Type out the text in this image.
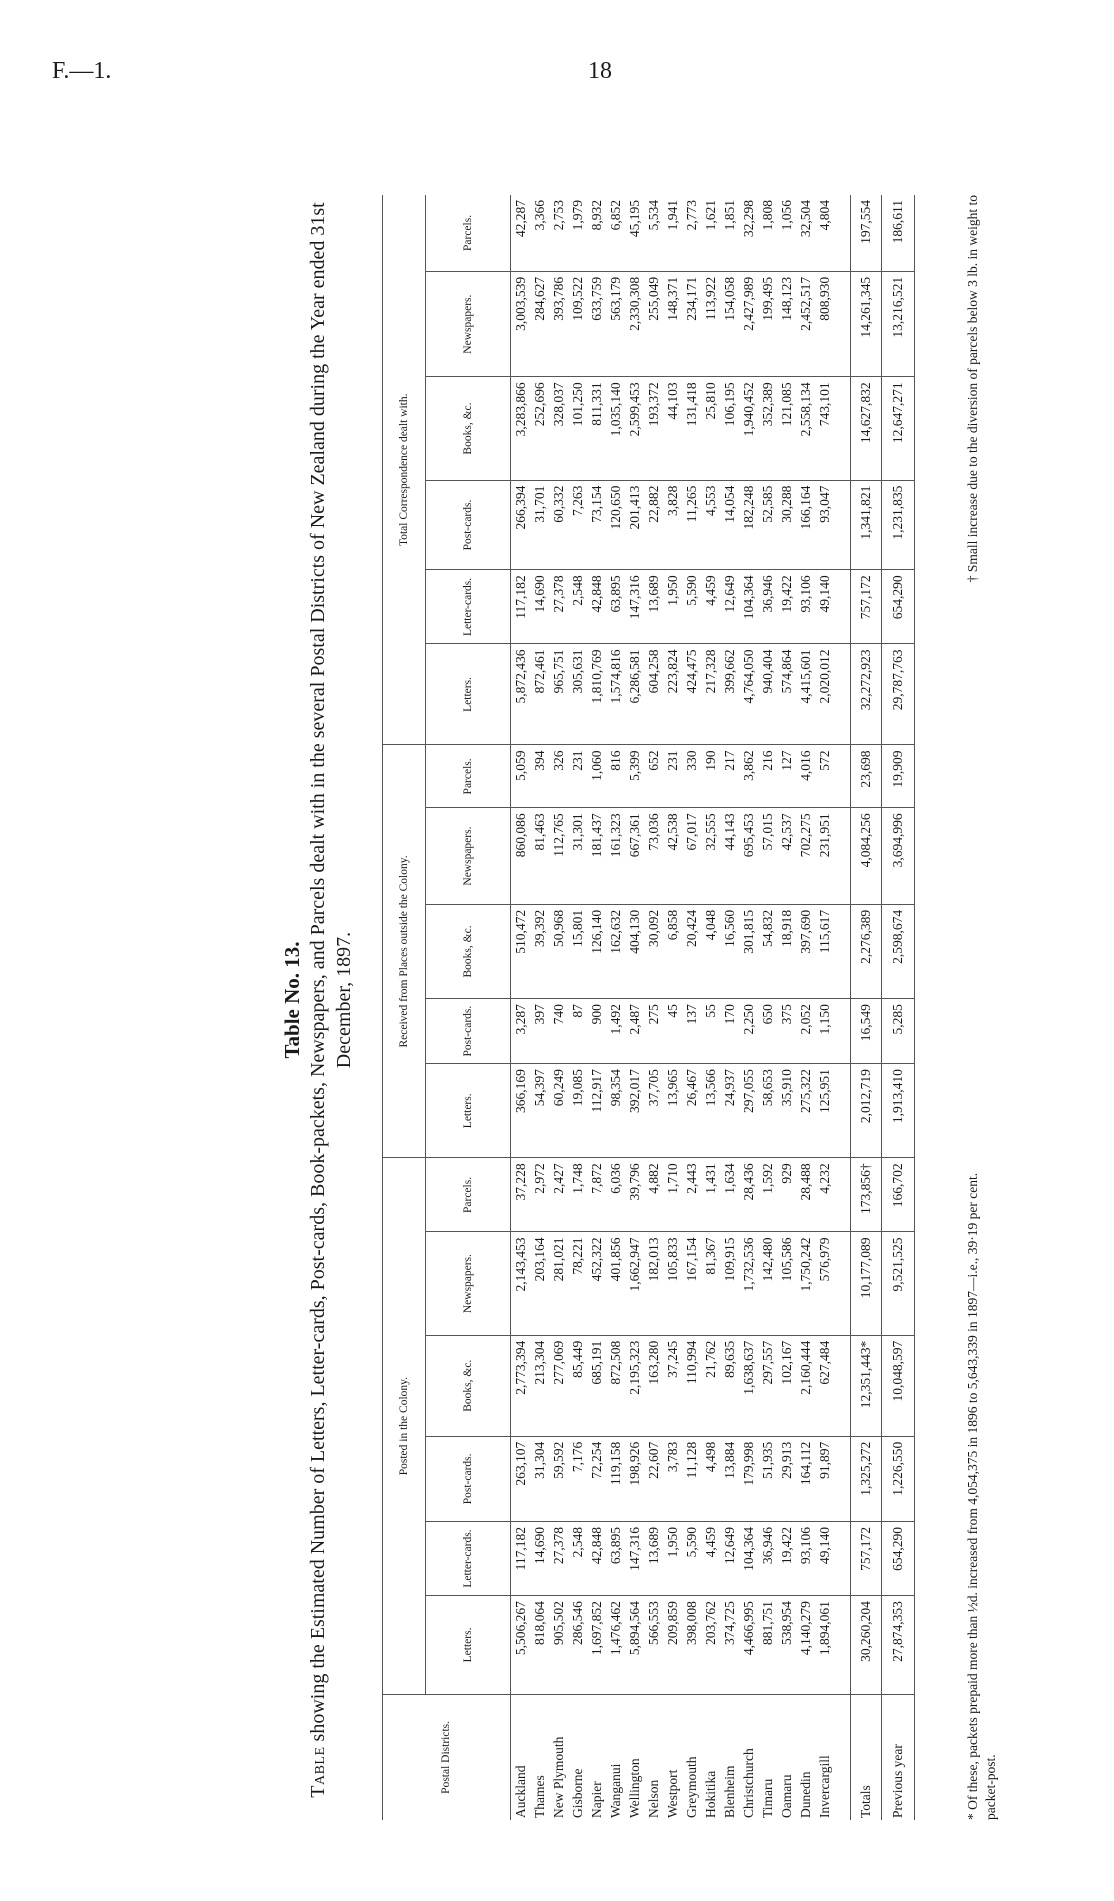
F.—1.	18
Table No. 13.
Table showing the Estimated Number of Letters, Letter-cards, Post-cards, Book-packets, Newspapers, and Parcels dealt with in the several Postal Districts of New Zealand during the Year ended 31st December, 1897.
Postal Districts.	Posted in the Colony.						Received from Places outside the Colony.					Total Correspondence dealt with.					
	Letters.	Letter-cards.	Post-cards.	Books, &c.	Newspapers.	Parcels.	Letters.	Post-cards.	Books, &c.	Newspapers.	Parcels.	Letters.	Letter-cards.	Post-cards.	Books, &c.	Newspapers.	Parcels.
Auckland	5,506,267	117,182	263,107	2,773,394	2,143,453	37,228	366,169	3,287	510,472	860,086	5,059	5,872,436	117,182	266,394	3,283,866	3,003,539	42,287
Thames	818,064	14,690	31,304	213,304	203,164	2,972	54,397	397	39,392	81,463	394	872,461	14,690	31,701	252,696	284,627	3,366
New Plymouth	905,502	27,378	59,592	277,069	281,021	2,427	60,249	740	50,968	112,765	326	965,751	27,378	60,332	328,037	393,786	2,753
Gisborne	286,546	2,548	7,176	85,449	78,221	1,748	19,085	87	15,801	31,301	231	305,631	2,548	7,263	101,250	109,522	1,979
Napier	1,697,852	42,848	72,254	685,191	452,322	7,872	112,917	900	126,140	181,437	1,060	1,810,769	42,848	73,154	811,331	633,759	8,932
Wanganui	1,476,462	63,895	119,158	872,508	401,856	6,036	98,354	1,492	162,632	161,323	816	1,574,816	63,895	120,650	1,035,140	563,179	6,852
Wellington	5,894,564	147,316	198,926	2,195,323	1,662,947	39,796	392,017	2,487	404,130	667,361	5,399	6,286,581	147,316	201,413	2,599,453	2,330,308	45,195
Nelson	566,553	13,689	22,607	163,280	182,013	4,882	37,705	275	30,092	73,036	652	604,258	13,689	22,882	193,372	255,049	5,534
Westport	209,859	1,950	3,783	37,245	105,833	1,710	13,965	45	6,858	42,538	231	223,824	1,950	3,828	44,103	148,371	1,941
Greymouth	398,008	5,590	11,128	110,994	167,154	2,443	26,467	137	20,424	67,017	330	424,475	5,590	11,265	131,418	234,171	2,773
Hokitika	203,762	4,459	4,498	21,762	81,367	1,431	13,566	55	4,048	32,555	190	217,328	4,459	4,553	25,810	113,922	1,621
Blenheim	374,725	12,649	13,884	89,635	109,915	1,634	24,937	170	16,560	44,143	217	399,662	12,649	14,054	106,195	154,058	1,851
Christchurch	4,466,995	104,364	179,998	1,638,637	1,732,536	28,436	297,055	2,250	301,815	695,453	3,862	4,764,050	104,364	182,248	1,940,452	2,427,989	32,298
Timaru	881,751	36,946	51,935	297,557	142,480	1,592	58,653	650	54,832	57,015	216	940,404	36,946	52,585	352,389	199,495	1,808
Oamaru	538,954	19,422	29,913	102,167	105,586	929	35,910	375	18,918	42,537	127	574,864	19,422	30,288	121,085	148,123	1,056
Dunedin	4,140,279	93,106	164,112	2,160,444	1,750,242	28,488	275,322	2,052	397,690	702,275	4,016	4,415,601	93,106	166,164	2,558,134	2,452,517	32,504
Invercargill	1,894,061	49,140	91,897	627,484	576,979	4,232	125,951	1,150	115,617	231,951	572	2,020,012	49,140	93,047	743,101	808,930	4,804

Totals	30,260,204	757,172	1,325,272	12,351,443*	10,177,089	173,856†	2,012,719	16,549	2,276,389	4,084,256	23,698	32,272,923	757,172	1,341,821	14,627,832	14,261,345	197,554
Previous year	27,874,353	654,290	1,226,550	10,048,597	9,521,525	166,702	1,913,410	5,285	2,598,674	3,694,996	19,909	29,787,763	654,290	1,231,835	12,647,271	13,216,521	186,611
* Of these, packets prepaid more than ½d. increased from 4,054,375 in 1896 to 5,643,339 in 1897—i.e., 39·19 per cent.
† Small increase due to the diversion of parcels below 3 lb. in weight to
packet-post.
